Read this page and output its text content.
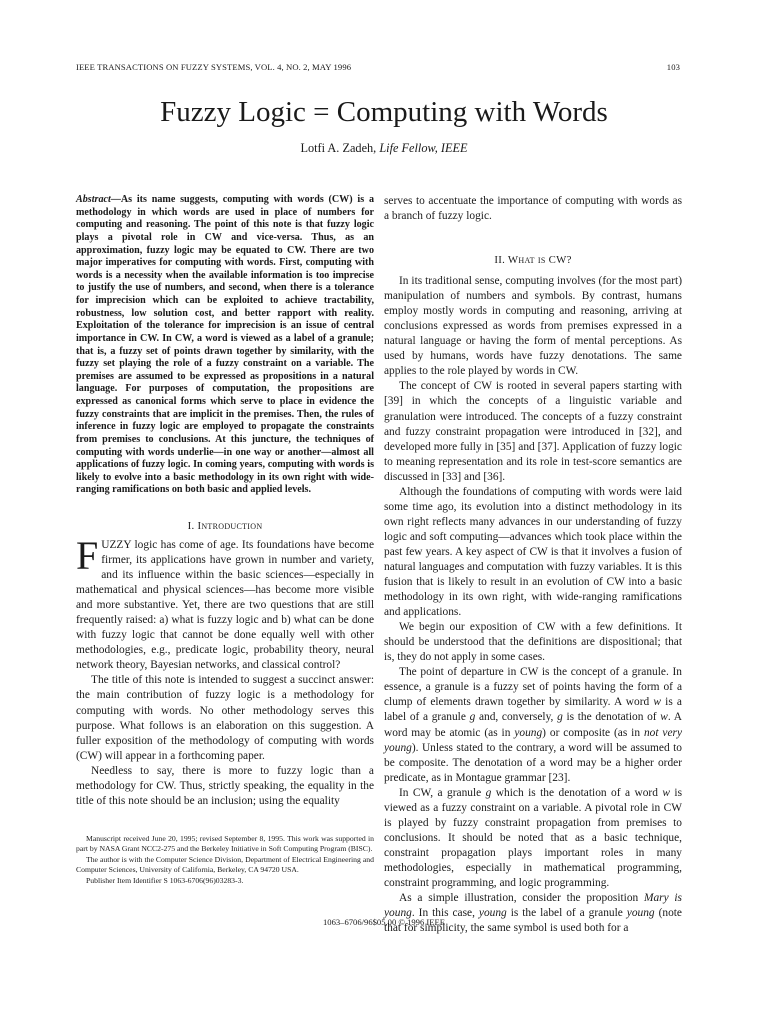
IEEE TRANSACTIONS ON FUZZY SYSTEMS, VOL. 4, NO. 2, MAY 1996	103
Fuzzy Logic = Computing with Words
Lotfi A. Zadeh, Life Fellow, IEEE
Abstract—As its name suggests, computing with words (CW) is a methodology in which words are used in place of numbers for computing and reasoning. The point of this note is that fuzzy logic plays a pivotal role in CW and vice-versa. Thus, as an approximation, fuzzy logic may be equated to CW. There are two major imperatives for computing with words. First, computing with words is a necessity when the available information is too imprecise to justify the use of numbers, and second, when there is a tolerance for imprecision which can be exploited to achieve tractability, robustness, low solution cost, and better rapport with reality. Exploitation of the tolerance for imprecision is an issue of central importance in CW. In CW, a word is viewed as a label of a granule; that is, a fuzzy set of points drawn together by similarity, with the fuzzy set playing the role of a fuzzy constraint on a variable. The premises are assumed to be expressed as propositions in a natural language. For purposes of computation, the propositions are expressed as canonical forms which serve to place in evidence the fuzzy constraints that are implicit in the premises. Then, the rules of inference in fuzzy logic are employed to propagate the constraints from premises to conclusions. At this juncture, the techniques of computing with words underlie—in one way or another—almost all applications of fuzzy logic. In coming years, computing with words is likely to evolve into a basic methodology in its own right with wide-ranging ramifications on both basic and applied levels.
I. Introduction

FUZZY logic has come of age. Its foundations have become firmer, its applications have grown in number and variety, and its influence within the basic sciences—especially in mathematical and physical sciences—has become more visible and more substantive. Yet, there are two questions that are still frequently raised: a) what is fuzzy logic and b) what can be done with fuzzy logic that cannot be done equally well with other methodologies, e.g., predicate logic, probability theory, neural network theory, Bayesian networks, and classical control?

The title of this note is intended to suggest a succinct answer: the main contribution of fuzzy logic is a methodology for computing with words. No other methodology serves this purpose. What follows is an elaboration on this suggestion. A fuller exposition of the methodology of computing with words (CW) will appear in a forthcoming paper.

Needless to say, there is more to fuzzy logic than a methodology for CW. Thus, strictly speaking, the equality in the title of this note should be an inclusion; using the equality

serves to accentuate the importance of computing with words as a branch of fuzzy logic.

II. What is CW?

In its traditional sense, computing involves (for the most part) manipulation of numbers and symbols. By contrast, humans employ mostly words in computing and reasoning, arriving at conclusions expressed as words from premises expressed in a natural language or having the form of mental perceptions. As used by humans, words have fuzzy denotations. The same applies to the role played by words in CW.

The concept of CW is rooted in several papers starting with [39] in which the concepts of a linguistic variable and granulation were introduced. The concepts of a fuzzy constraint and fuzzy constraint propagation were introduced in [32], and developed more fully in [35] and [37]. Application of fuzzy logic to meaning representation and its role in test-score semantics are discussed in [33] and [36].

Although the foundations of computing with words were laid some time ago, its evolution into a distinct methodology in its own right reflects many advances in our understanding of fuzzy logic and soft computing—advances which took place within the past few years. A key aspect of CW is that it involves a fusion of natural languages and computation with fuzzy variables. It is this fusion that is likely to result in an evolution of CW into a basic methodology in its own right, with wide-ranging ramifications and applications.

We begin our exposition of CW with a few definitions. It should be understood that the definitions are dispositional; that is, they do not apply in some cases.

The point of departure in CW is the concept of a granule. In essence, a granule is a fuzzy set of points having the form of a clump of elements drawn together by similarity. A word w is a label of a granule g and, conversely, g is the denotation of w. A word may be atomic (as in young) or composite (as in not very young). Unless stated to the contrary, a word will be assumed to be composite. The denotation of a word may be a higher order predicate, as in Montague grammar [23].

In CW, a granule g which is the denotation of a word w is viewed as a fuzzy constraint on a variable. A pivotal role in CW is played by fuzzy constraint propagation from premises to conclusions. It should be noted that as a basic technique, constraint propagation plays important roles in many methodologies, especially in mathematical programming, constraint programming, and logic programming.

As a simple illustration, consider the proposition Mary is young. In this case, young is the label of a granule young (note that for simplicity, the same symbol is used both for a

Manuscript received June 20, 1995; revised September 8, 1995. This work was supported in part by NASA Grant NCC2-275 and the Berkeley Initiative in Soft Computing Program (BISC).

The author is with the Computer Science Division, Department of Electrical Engineering and Computer Sciences, University of California, Berkeley, CA 94720 USA.

Publisher Item Identifier S 1063-6706(96)03283-3.

1063–6706/96$05.00 © 1996 IEEE
